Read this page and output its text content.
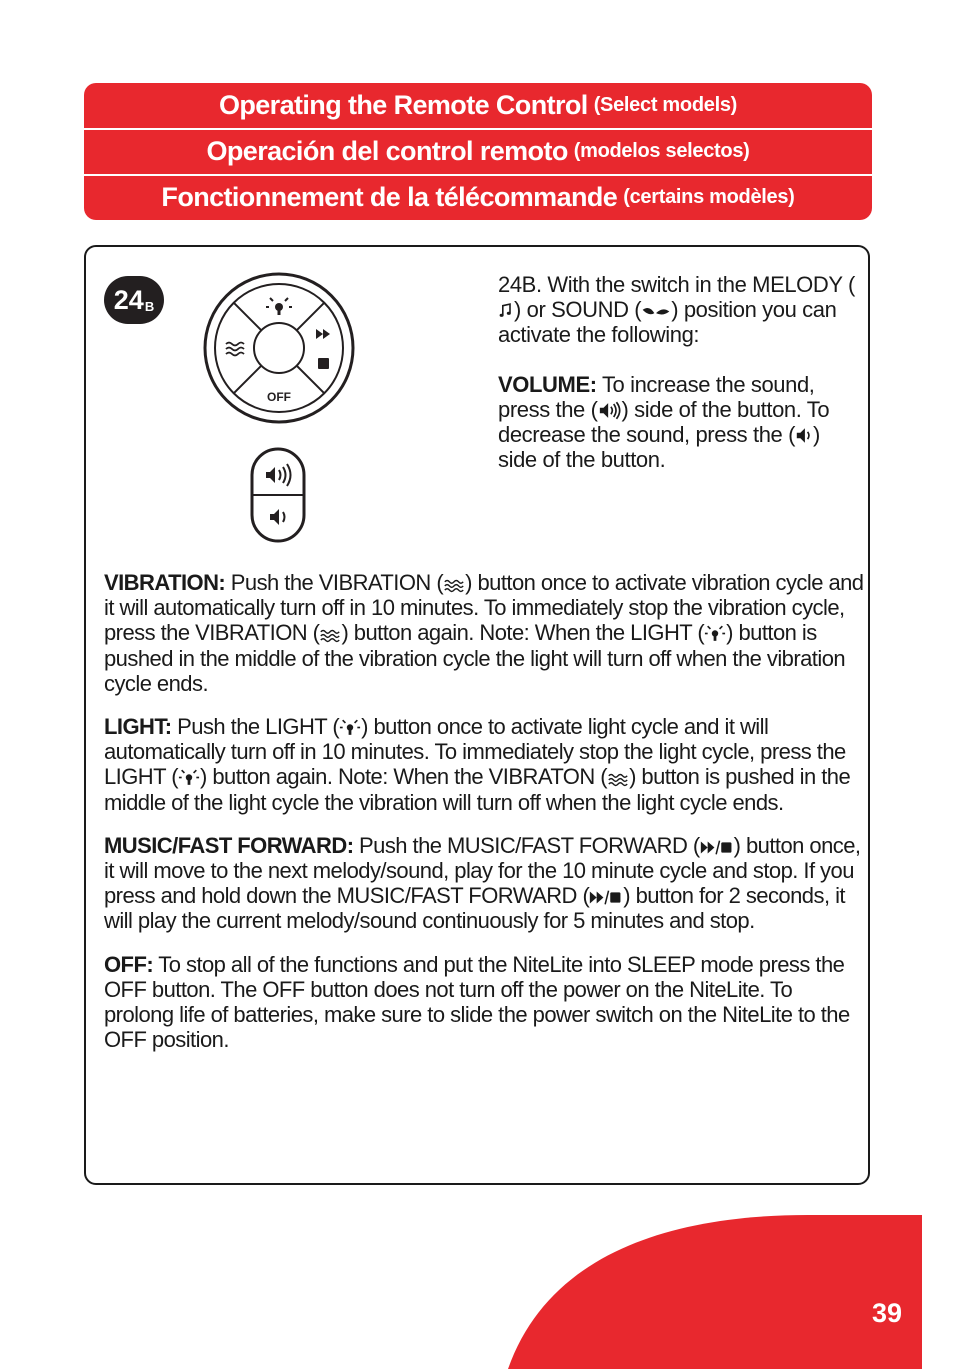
Operating the Remote Control (Select models)
Operación del control remoto (modelos selectos)
Fonctionnement de la télécommande (certains modèles)
24 B
OFF

24B. With the switch in the MELODY () or SOUND ( ) position you can activate the following:

VOLUME: To increase the sound, press the ( ) side of the button. To decrease the sound, press the ( ) side of the button.

VIBRATION: Push the VIBRATION ( ) button once to activate vibration cycle and it will automatically turn off in 10 minutes. To immediately stop the vibration cycle, press the VIBRATION ( ) button again. Note: When the LIGHT ( ) button is pushed in the middle of the vibration cycle the light will turn off when the vibration cycle ends.

LIGHT: Push the LIGHT ( ) button once to activate light cycle and it will automatically turn off in 10 minutes. To immediately stop the light cycle, press the LIGHT ( ) button again. Note: When the VIBRATON ( ) button is pushed in the middle of the light cycle the vibration will turn off when the light cycle ends.

MUSIC/FAST FORWARD: Push the MUSIC/FAST FORWARD ( ) button once, it will move to the next melody/sound, play for the 10 minute cycle and stop. If you press and hold down the MUSIC/FAST FORWARD ( ) button for 2 seconds, it will play the current melody/sound continuously for 5 minutes and stop.

OFF: To stop all of the functions and put the NiteLite into SLEEP mode press the OFF button. The OFF button does not turn off the power on the NiteLite. To prolong life of batteries, make sure to slide the power switch on the NiteLite to the OFF position.

39
